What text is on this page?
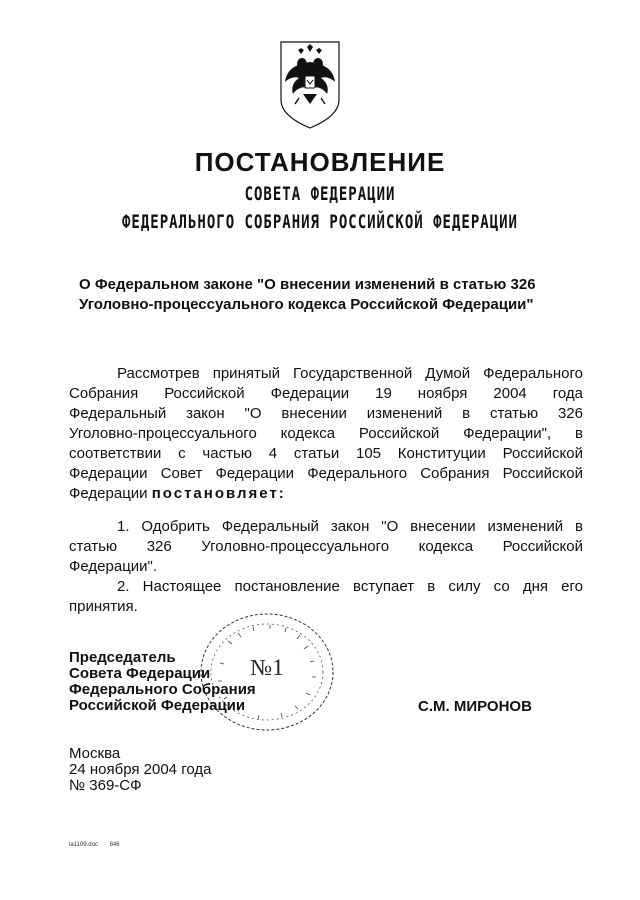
ПОСТАНОВЛЕНИЕ
СОВЕТА ФЕДЕРАЦИИ
ФЕДЕРАЛЬНОГО СОБРАНИЯ РОССИЙСКОЙ ФЕДЕРАЦИИ
О Федеральном законе "О внесении изменений в статью 326
Уголовно-процессуального кодекса Российской Федерации"
Рассмотрев принятый Государственной Думой Федерального
Собрания Российской Федерации 19 ноября 2004 года
Федеральный закон "О внесении изменений в статью 326
Уголовно-процессуального кодекса Российской Федерации", в
соответствии с частью 4 статьи 105 Конституции Российской
Федерации Совет Федерации Федерального Собрания Российской
Федерации постановляет:
1. Одобрить Федеральный закон "О внесении изменений в
статью 326 Уголовно-процессуального кодекса Российской
Федерации".
2. Настоящее постановление вступает в силу со дня его
принятия.
№1
Председатель
Совета Федерации
Федерального Собрания
Российской Федерации	С.М. МИРОНОВ
Москва
24 ноября 2004 года
№ 369-СФ
la1109.doc 846
